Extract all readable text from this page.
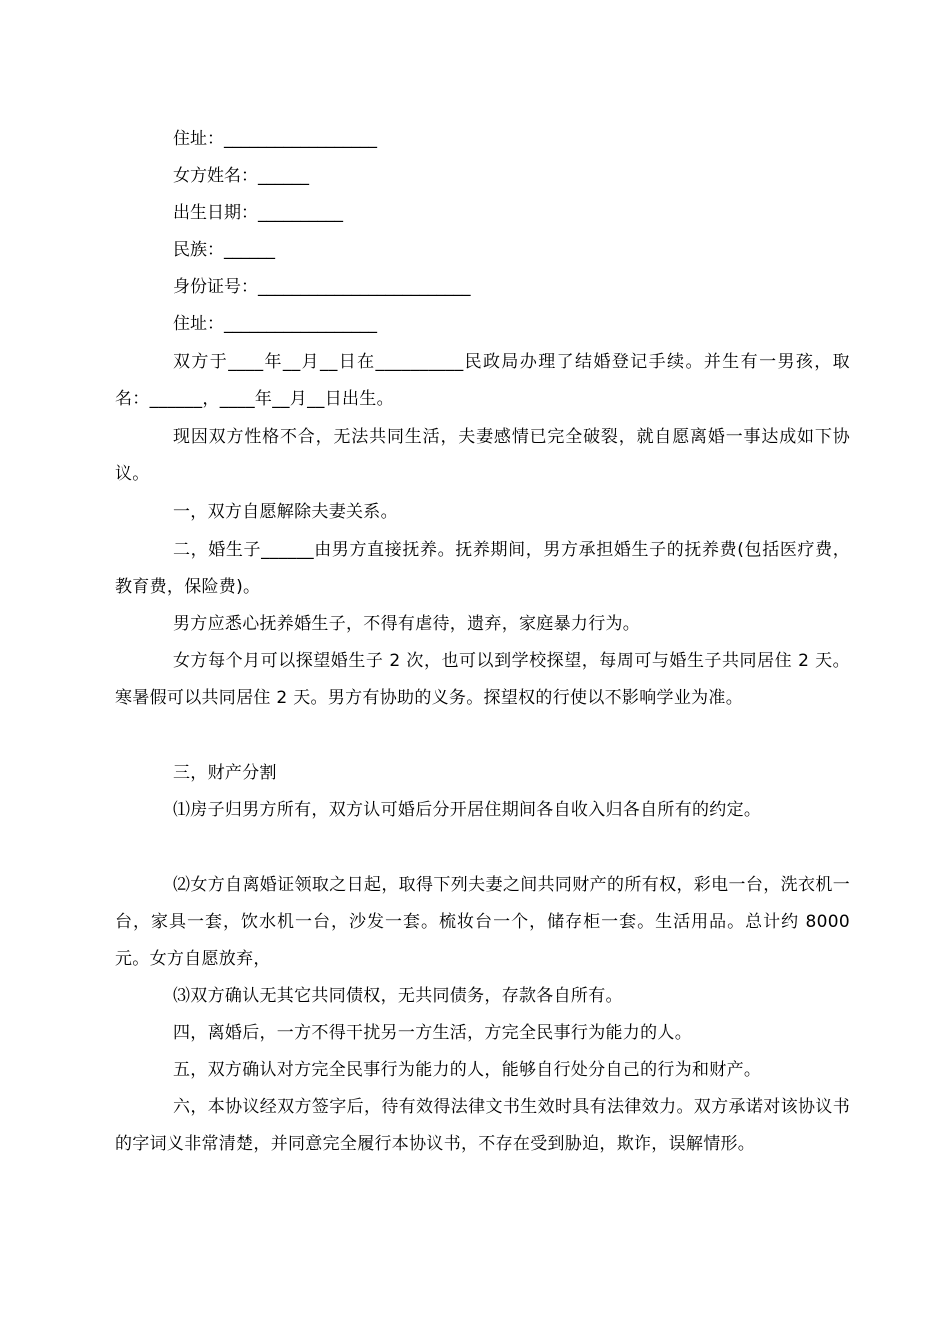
住址：__________________
女方姓名：______
出生日期：__________
民族：______
身份证号：_________________________
住址：__________________

双方于____年__月__日在__________民政局办理了结婚登记手续。并生有一男孩，取名：______，____年__月__日出生。

现因双方性格不合，无法共同生活，夫妻感情已完全破裂，就自愿离婚一事达成如下协议。

一，双方自愿解除夫妻关系。

二，婚生子______由男方直接抚养。抚养期间，男方承担婚生子的抚养费(包括医疗费，教育费，保险费)。

男方应悉心抚养婚生子，不得有虐待，遗弃，家庭暴力行为。

女方每个月可以探望婚生子 2 次，也可以到学校探望，每周可与婚生子共同居住 2 天。寒暑假可以共同居住 2 天。男方有协助的义务。探望权的行使以不影响学业为准。

三，财产分割

⑴房子归男方所有，双方认可婚后分开居住期间各自收入归各自所有的约定。

⑵女方自离婚证领取之日起，取得下列夫妻之间共同财产的所有权，彩电一台，洗衣机一台，家具一套，饮水机一台，沙发一套。梳妆台一个，储存柜一套。生活用品。总计约 8000 元。女方自愿放弃，

⑶双方确认无其它共同债权，无共同债务，存款各自所有。

四，离婚后，一方不得干扰另一方生活，方完全民事行为能力的人。

五，双方确认对方完全民事行为能力的人，能够自行处分自己的行为和财产。

六，本协议经双方签字后，待有效得法律文书生效时具有法律效力。双方承诺对该协议书的字词义非常清楚，并同意完全履行本协议书，不存在受到胁迫，欺诈，误解情形。
